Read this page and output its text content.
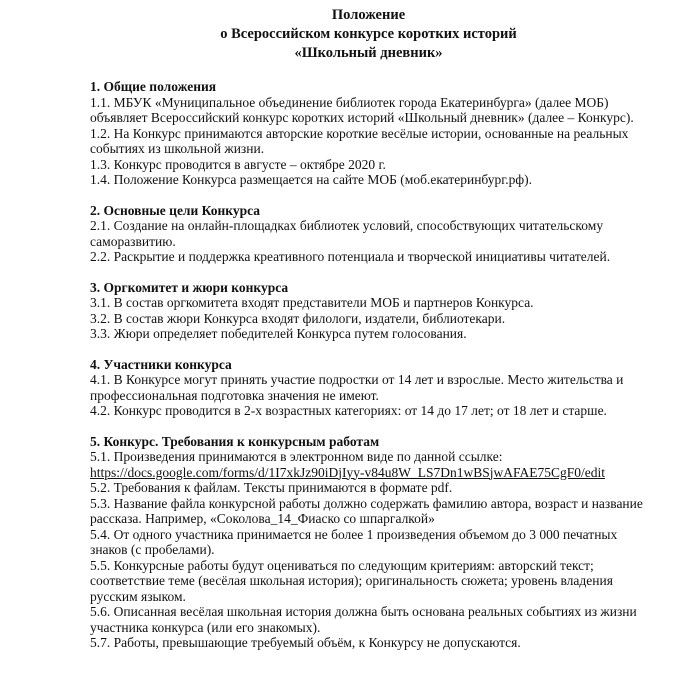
Положение
о Всероссийском конкурсе коротких историй
«Школьный дневник»
1. Общие положения
1.1. МБУК «Муниципальное объединение библиотек города Екатеринбурга» (далее МОБ) объявляет Всероссийский конкурс коротких историй «Школьный дневник» (далее – Конкурс).
1.2. На Конкурс принимаются авторские короткие весёлые истории, основанные на реальных событиях из школьной жизни.
1.3. Конкурс проводится в августе – октябре 2020 г.
1.4. Положение Конкурса размещается на сайте МОБ (моб.екатеринбург.рф).
2. Основные цели Конкурса
2.1. Создание на онлайн-площадках библиотек условий, способствующих читательскому саморазвитию.
2.2. Раскрытие и поддержка креативного потенциала и творческой инициативы читателей.
3. Оргкомитет и жюри конкурса
3.1. В состав оргкомитета входят представители МОБ и партнеров Конкурса.
3.2. В состав жюри Конкурса входят филологи, издатели, библиотекари.
3.3. Жюри определяет победителей Конкурса путем голосования.
4. Участники конкурса
4.1. В Конкурсе могут принять участие подростки от 14 лет и взрослые. Место жительства и профессиональная подготовка значения не имеют.
4.2. Конкурс проводится в 2-х возрастных категориях: от 14 до 17 лет; от 18 лет и старше.
5. Конкурс. Требования к конкурсным работам
5.1. Произведения принимаются в электронном виде по данной ссылке:
https://docs.google.com/forms/d/1I7xkJz90iDjIyy-v84u8W_LS7Dn1wBSjwAFAE75CgF0/edit
5.2. Требования к файлам. Тексты принимаются в формате pdf.
5.3. Название файла конкурсной работы должно содержать фамилию автора, возраст и название рассказа. Например, «Соколова_14_Фиаско со шпаргалкой»
5.4. От одного участника принимается не более 1 произведения объемом до 3 000 печатных знаков (с пробелами).
5.5. Конкурсные работы будут оцениваться по следующим критериям: авторский текст; соответствие теме (весёлая школьная история); оригинальность сюжета; уровень владения русским языком.
5.6. Описанная весёлая школьная история должна быть основана реальных событиях из жизни участника конкурса (или его знакомых).
5.7. Работы, превышающие требуемый объём, к Конкурсу не допускаются.
